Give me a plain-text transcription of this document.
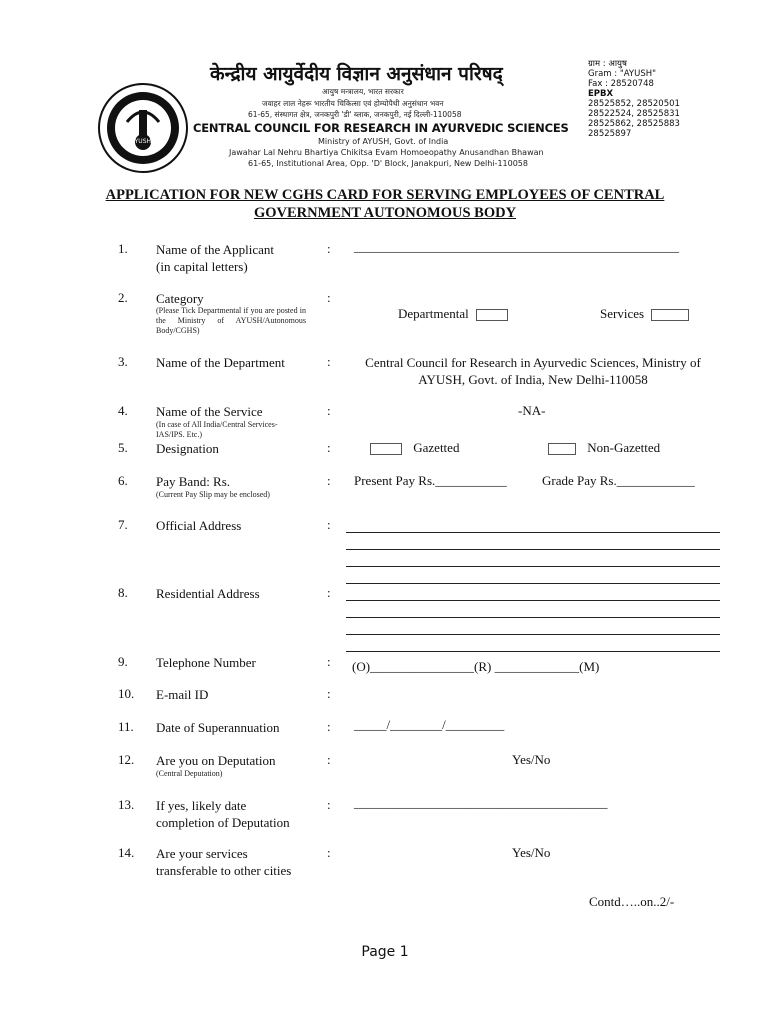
AYUSH
केन्द्रीय आयुर्वेदीय विज्ञान अनुसंधान परिषद्
आयुष मन्त्रालय, भारत सरकार
जवाहर लाल नेहरू भारतीय चिकित्सा एवं होम्योपैथी अनुसंधान भवन
61-65, संस्थागत क्षेत्र, जनकपुरी 'डी' ब्लाक, जनकपुरी, नई दिल्ली-110058
CENTRAL COUNCIL FOR RESEARCH IN AYURVEDIC SCIENCES
Ministry of AYUSH, Govt. of India
Jawahar Lal Nehru Bhartiya Chikitsa Evam Homoeopathy Anusandhan Bhawan
61-65, Institutional Area, Opp. 'D' Block, Janakpuri, New Delhi-110058
ग्राम : आयुष
Gram : "AYUSH"
Fax : 28520748
EPBX
28525852, 28520501
28522524, 28525831
28525862, 28525883
28525897
APPLICATION FOR NEW CGHS CARD FOR SERVING EMPLOYEES OF CENTRAL
GOVERNMENT AUTONOMOUS BODY
1. Name of the Applicant
(in capital letters)
: __________________________________________________
2. Category
(Please Tick Departmental if you are posted in the Ministry of AYUSH/Autonomous Body/CGHS)
:
Departmental	Services
3. Name of the Department	:	Central Council for Research in Ayurvedic Sciences, Ministry of
AYUSH, Govt. of India, New Delhi-110058
4. Name of the Service
(In case of All India/Central Services-IAS/IPS. Etc.)
:	-NA-
5. Designation	:	Gazetted	Non-Gazetted
6. Pay Band: Rs.
(Current Pay Slip may be enclosed)
: Present Pay Rs.___________	Grade Pay Rs.____________
7. Official Address	:
8. Residential Address	:
9. Telephone Number	: (O)________________(R) _____________(M)
10. E-mail ID	:
11. Date of Superannuation	: _____/________/_________
12. Are you on Deputation
(Central Deputation)
:	Yes/No
13. If yes, likely date
completion of Deputation
: _______________________________________
14. Are your services
transferable to other cities
:	Yes/No
Contd…..on..2/-
Page 1
